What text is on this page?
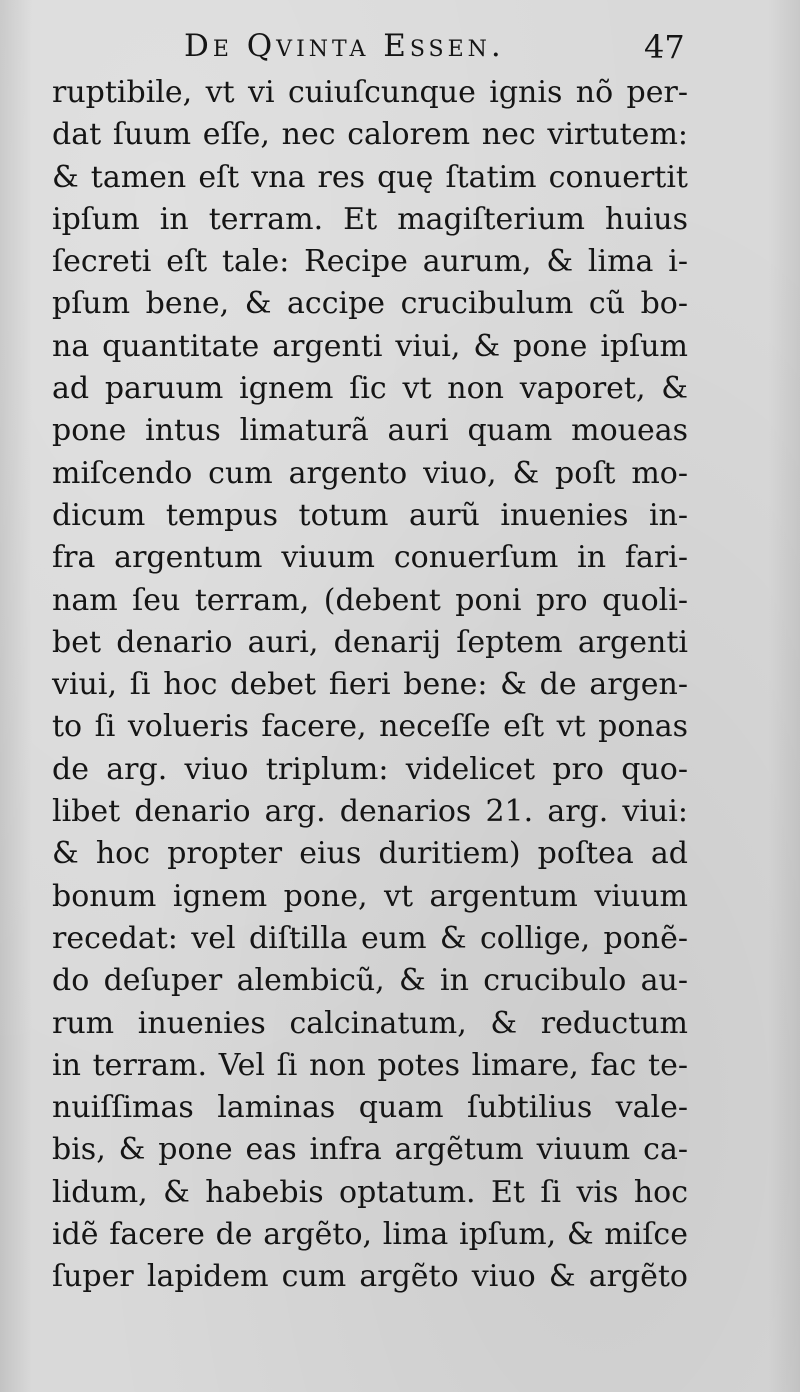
De Qvinta Essen.	47
ruptibile, vt vi cuiuſcunque ignis nõ per-
dat ſuum eſſe, nec calorem nec virtutem:
& tamen eſt vna res quę ſtatim conuertit
ipſum in terram. Et magiſterium huius
ſecreti eſt tale: Recipe aurum, & lima i-
pſum bene, & accipe crucibulum cũ bo-
na quantitate argenti viui, & pone ipſum
ad paruum ignem ſic vt non vaporet, &
pone intus limaturã auri quam moueas
miſcendo cum argento viuo, & poſt mo-
dicum tempus totum aurũ inuenies in-
fra argentum viuum conuerſum in fari-
nam ſeu terram, (debent poni pro quoli-
bet denario auri, denarij ſeptem argenti
viui, ſi hoc debet fieri bene: & de argen-
to ſi volueris facere, neceſſe eſt vt ponas
de arg. viuo triplum: videlicet pro quo-
libet denario arg. denarios 21. arg. viui:
& hoc propter eius duritiem) poſtea ad
bonum ignem pone, vt argentum viuum
recedat: vel diſtilla eum & collige, ponẽ-
do deſuper alembicũ, & in crucibulo au-
rum inuenies calcinatum, & reductum
in terram. Vel ſi non potes limare, fac te-
nuiſſimas laminas quam ſubtilius vale-
bis, & pone eas infra argẽtum viuum ca-
lidum, & habebis optatum. Et ſi vis hoc
idẽ facere de argẽto, lima ipſum, & miſce
ſuper lapidem cum argẽto viuo & argẽto
